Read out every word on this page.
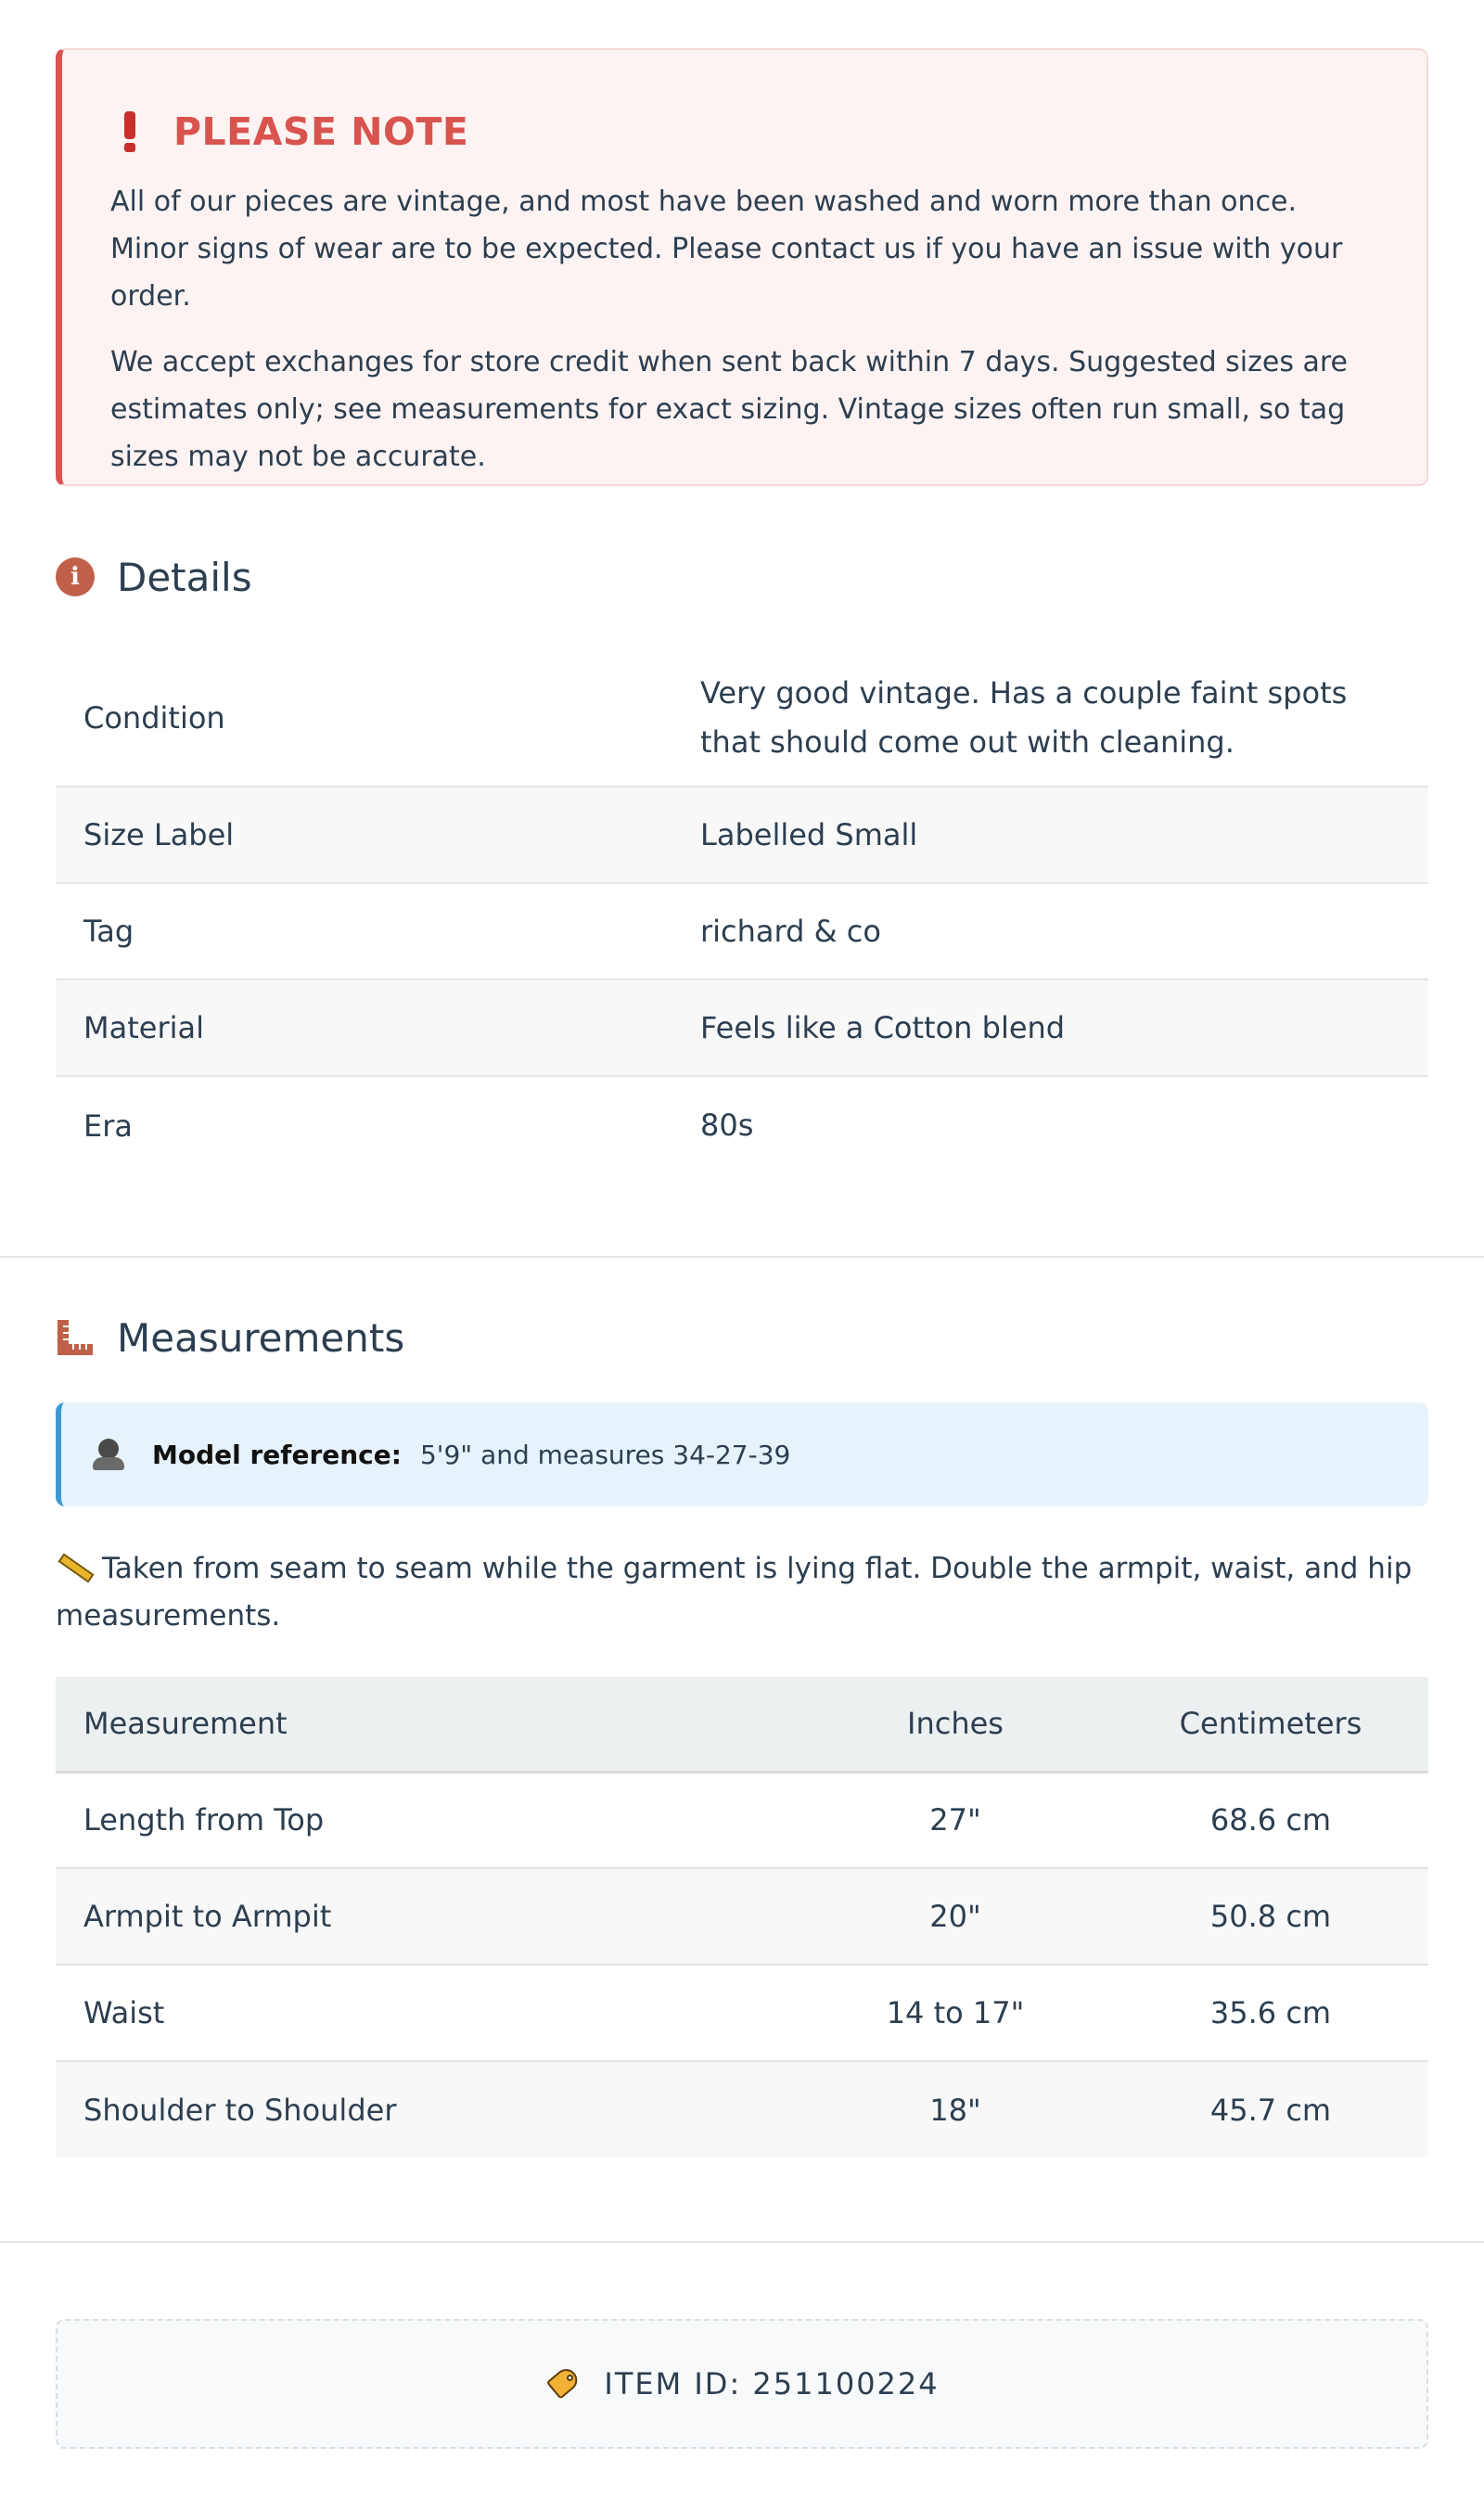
PLEASE NOTE

All of our pieces are vintage, and most have been washed and worn more than once. Minor signs of wear are to be expected. Please contact us if you have an issue with your order.

We accept exchanges for store credit when sent back within 7 days. Suggested sizes are estimates only; see measurements for exact sizing. Vintage sizes often run small, so tag sizes may not be accurate.

i Details
Condition	Very good vintage. Has a couple faint spots that should come out with cleaning.
Size Label	Labelled Small
Tag	richard & co
Material	Feels like a Cotton blend
Era	80s
Measurements
Model reference: 5'9" and measures 34-27-39

Taken from seam to seam while the garment is lying flat. Double the armpit, waist, and hip measurements.

Measurement	Inches	Centimeters
Length from Top	27"	68.6 cm
Armpit to Armpit	20"	50.8 cm
Waist	14 to 17"	35.6 cm
Shoulder to Shoulder	18"	45.7 cm
ITEM ID: 251100224
